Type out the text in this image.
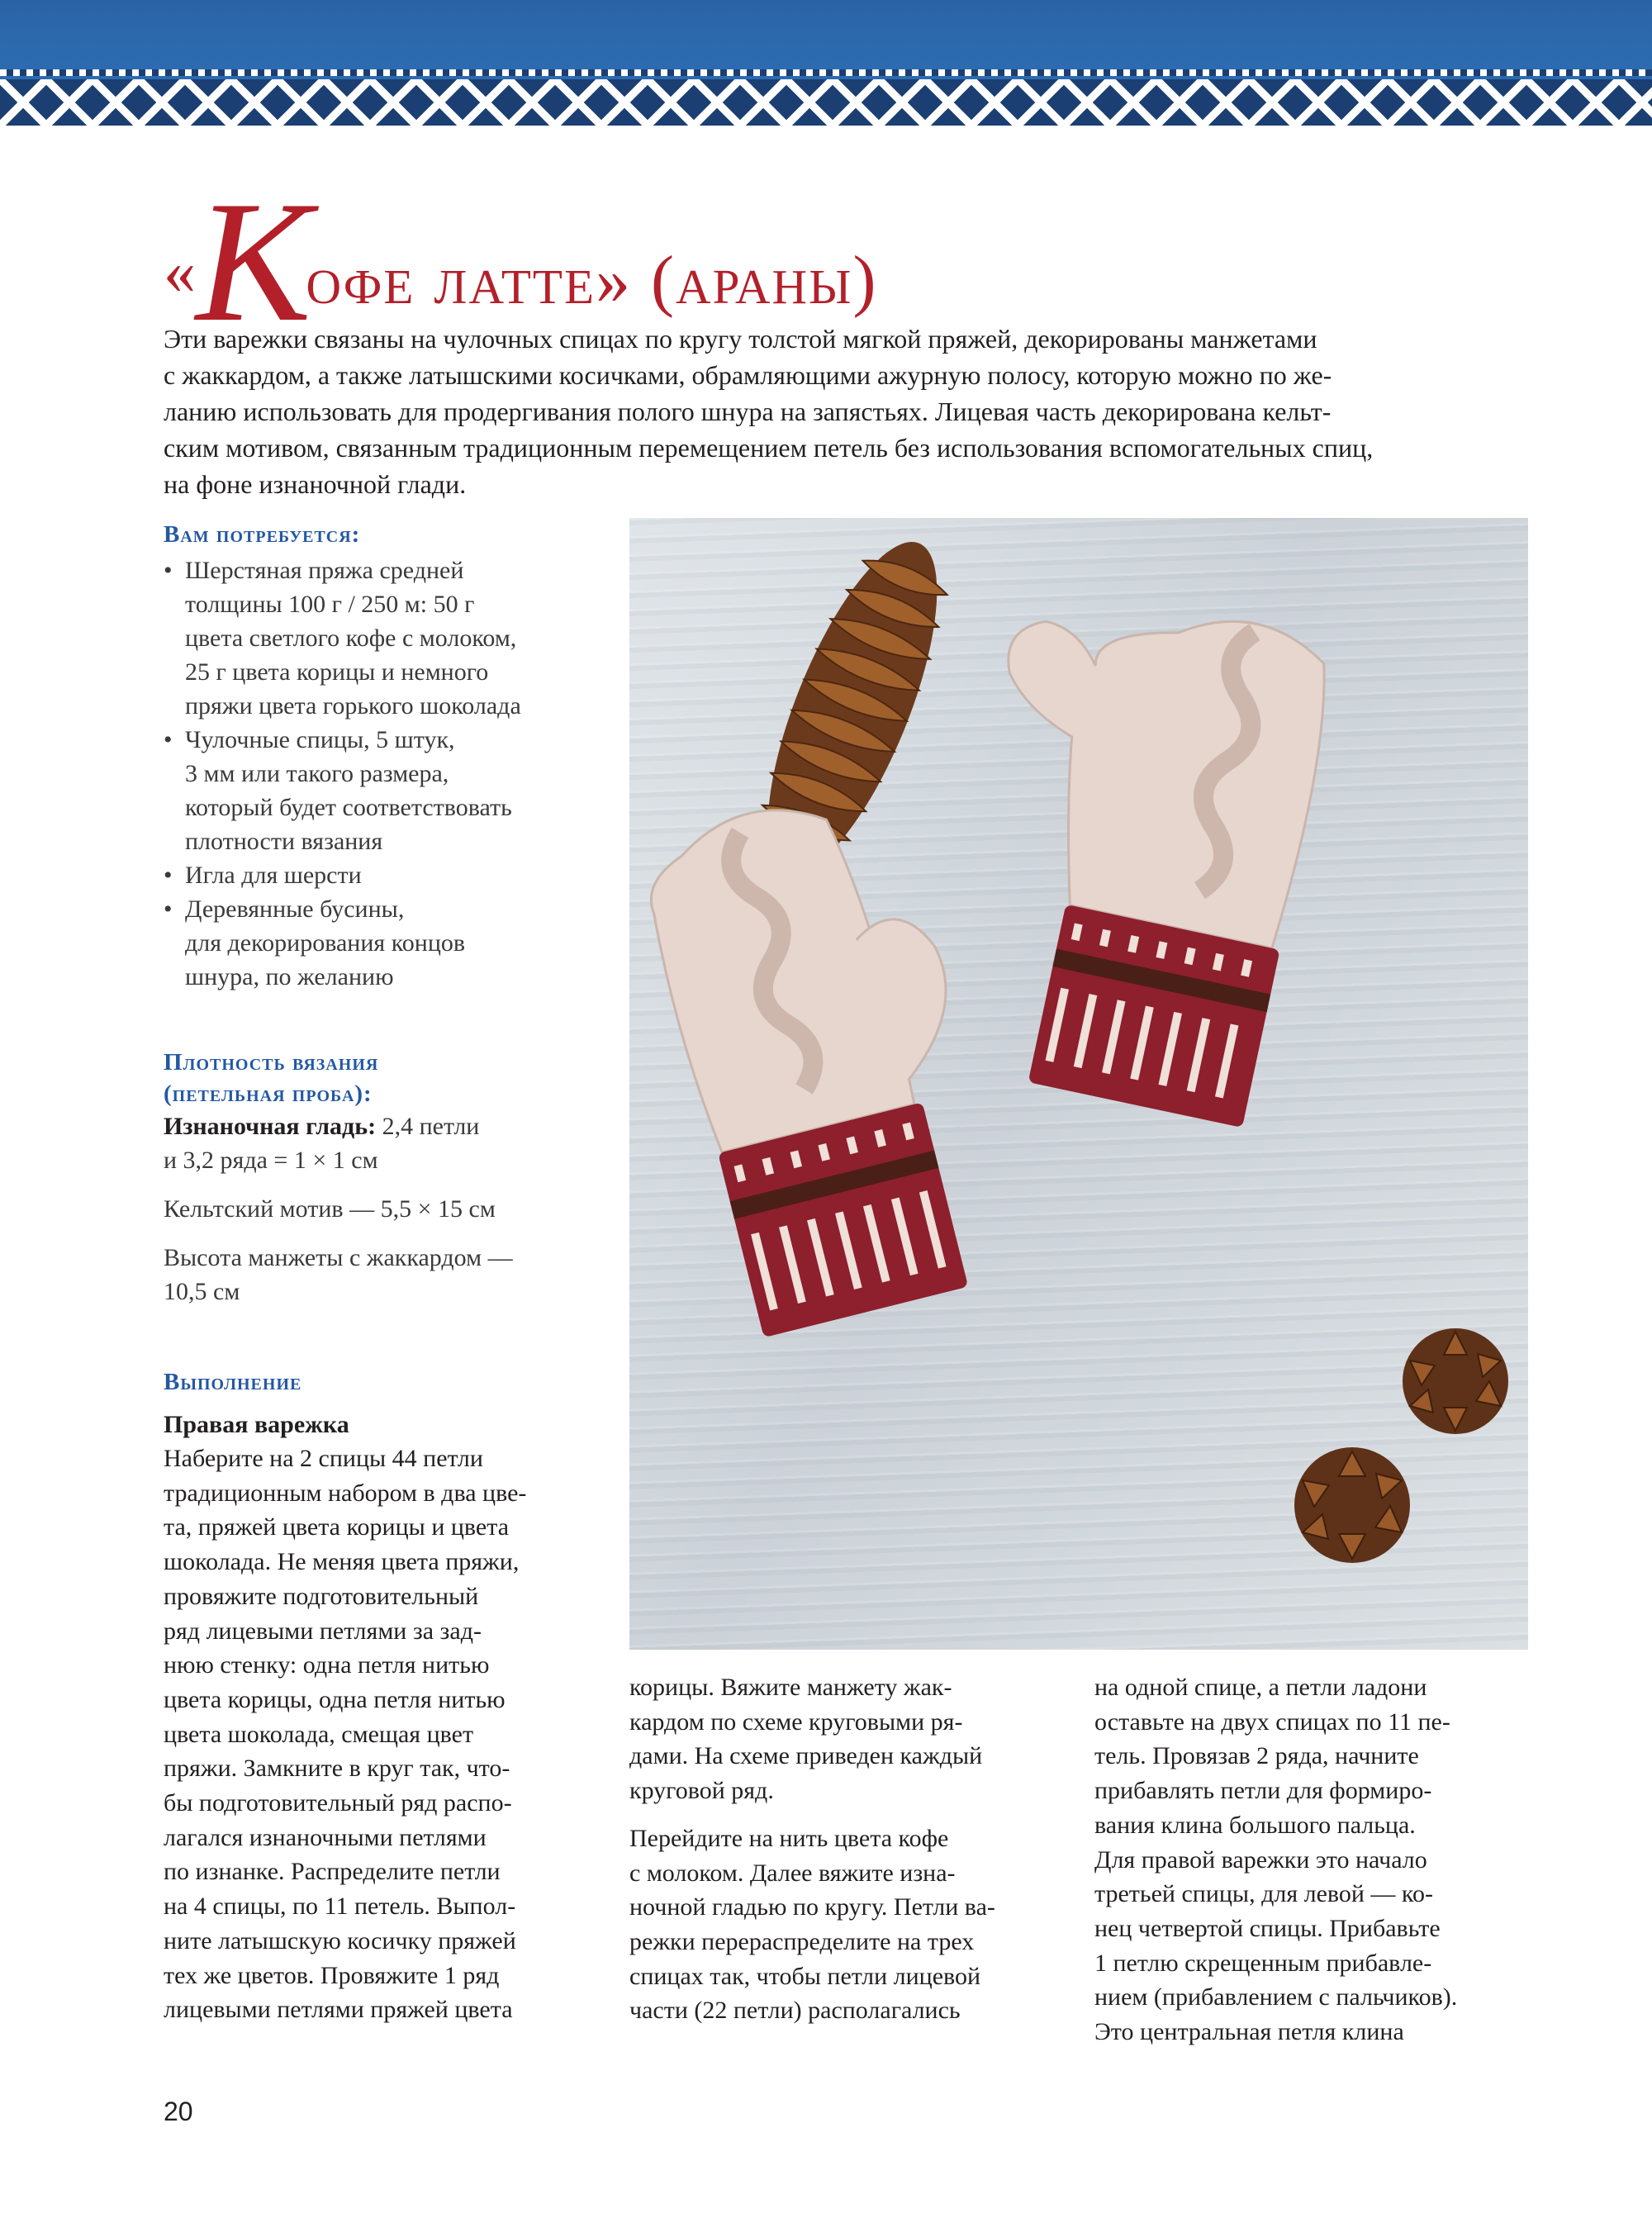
«Кофе латте» (араны)
Эти варежки связаны на чулочных спицах по кругу толстой мягкой пряжей, декорированы манжетами
с жаккардом, а также латышскими косичками, обрамляющими ажурную полосу, которую можно по же-
ланию использовать для продергивания полого шнура на запястьях. Лицевая часть декорирована кельт-
ским мотивом, связанным традиционным перемещением петель без использования вспомогательных спиц,
на фоне изнаночной глади.
Вам потребуется:
• Шерстяная пряжа средней
толщины 100 г / 250 м: 50 г
цвета светлого кофе с молоком,
25 г цвета корицы и немного
пряжи цвета горького шоколада
• Чулочные спицы, 5 штук,
3 мм или такого размера,
который будет соответствовать
плотности вязания
• Игла для шерсти
• Деревянные бусины,
для декорирования концов
шнура, по желанию
Плотность вязания
(петельная проба):

Изнаночная гладь: 2,4 петли
и 3,2 ряда = 1 × 1 см

Кельтский мотив — 5,5 × 15 см

Высота манжеты с жаккардом —
10,5 см

Выполнение
Правая варежка
Наберите на 2 спицы 44 петли
традиционным набором в два цве-
та, пряжей цвета корицы и цвета
шоколада. Не меняя цвета пряжи,
провяжите подготовительный
ряд лицевыми петлями за зад-
нюю стенку: одна петля нитью
цвета корицы, одна петля нитью
цвета шоколада, смещая цвет
пряжи. Замкните в круг так, что-
бы подготовительный ряд распо-
лагался изнаночными петлями
по изнанке. Распределите петли
на 4 спицы, по 11 петель. Выпол-
ните латышскую косичку пряжей
тех же цветов. Провяжите 1 ряд
лицевыми петлями пряжей цвета

корицы. Вяжите манжету жак-
кардом по схеме круговыми ря-
дами. На схеме приведен каждый
круговой ряд.

Перейдите на нить цвета кофе
с молоком. Далее вяжите изна-
ночной гладью по кругу. Петли ва-
режки перераспределите на трех
спицах так, чтобы петли лицевой
части (22 петли) располагались

на одной спице, а петли ладони
оставьте на двух спицах по 11 пе-
тель. Провязав 2 ряда, начните
прибавлять петли для формиро-
вания клина большого пальца.
Для правой варежки это начало
третьей спицы, для левой — ко-
нец четвертой спицы. Прибавьте
1 петлю скрещенным прибавле-
нием (прибавлением с пальчиков).
Это центральная петля клина
20
